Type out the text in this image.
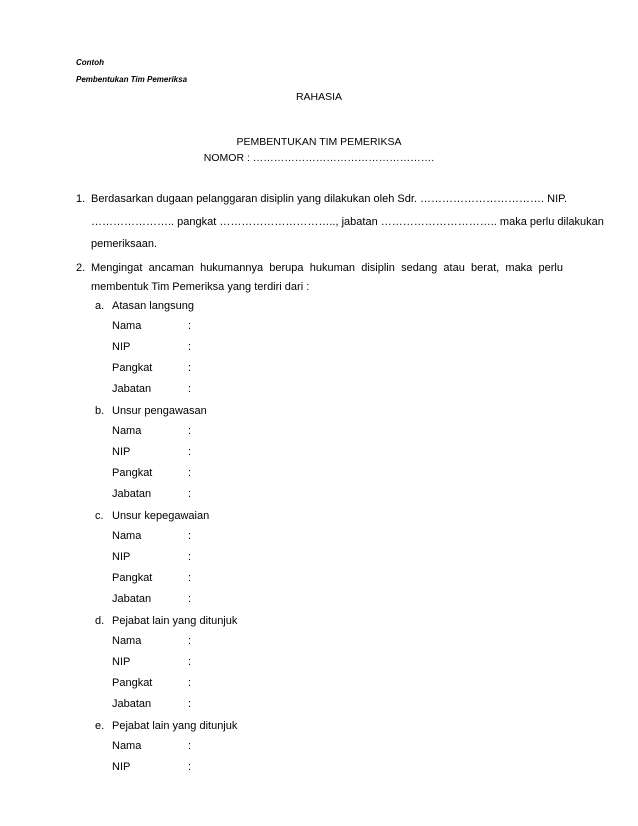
Contoh
Pembentukan Tim Pemeriksa
RAHASIA
PEMBENTUKAN TIM PEMERIKSA
NOMOR : …………………………………………….
1. Berdasarkan dugaan pelanggaran disiplin yang dilakukan oleh Sdr. ……………………………. NIP.
………………….. pangkat ………………………….., jabatan ………………………….. maka perlu dilakukan
pemeriksaan.
2. Mengingat ancaman hukumannya berupa hukuman disiplin sedang atau berat, maka perlu
membentuk Tim Pemeriksa yang terdiri dari :
a. Atasan langsung
Nama	:
NIP	:
Pangkat	:
Jabatan	:
b. Unsur pengawasan
Nama	:
NIP	:
Pangkat	:
Jabatan	:
c. Unsur kepegawaian
Nama	:
NIP	:
Pangkat	:
Jabatan	:
d. Pejabat lain yang ditunjuk
Nama	:
NIP	:
Pangkat	:
Jabatan	:
e. Pejabat lain yang ditunjuk
Nama	:
NIP	:
